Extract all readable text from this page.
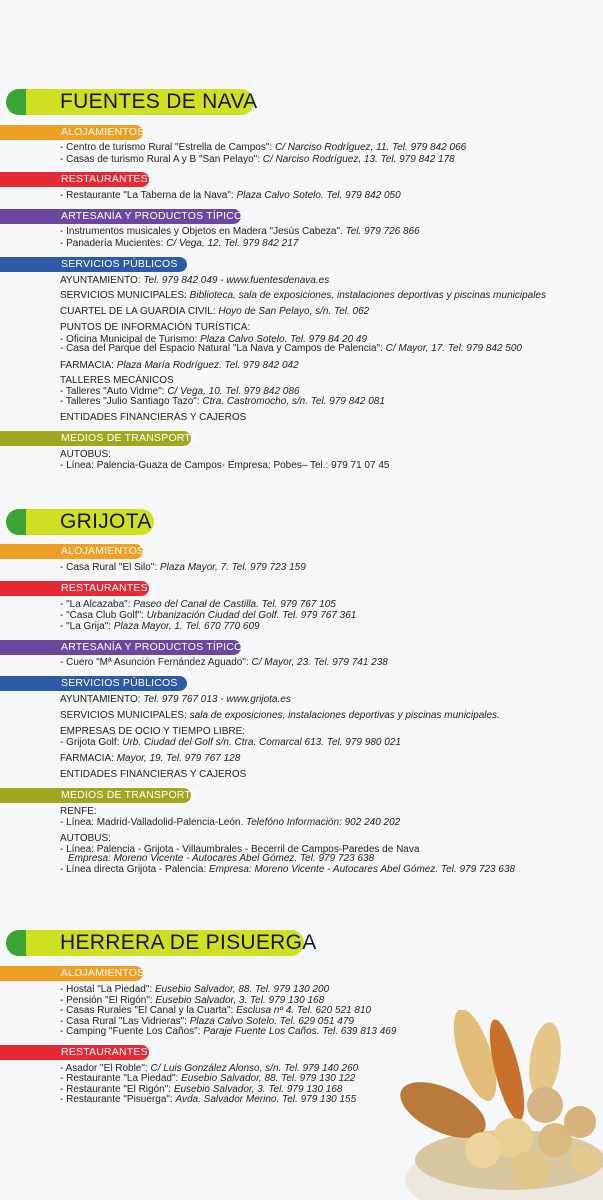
FUENTES DE NAVA
ALOJAMIENTOS
- Centro de turismo Rural "Estrella de Campos": C/ Narciso Rodríguez, 11. Tel. 979 842 066
- Casas de turismo Rural A y B "San Pelayo": C/ Narciso Rodríguez, 13. Tel. 979 842 178
RESTAURANTES
- Restaurante "La Taberna de la Nava": Plaza Calvo Sotelo. Tel. 979 842 050
ARTESANÍA Y PRODUCTOS TÍPICOS
- Instrumentos musicales y Objetos en Madera "Jesús Cabeza". Tel. 979 726 866
- Panadería Mucientes: C/ Vega, 12. Tel. 979 842 217
SERVICIOS PÚBLICOS
AYUNTAMIENTO: Tel. 979 842 049 - www.fuentesdenava.es
SERVICIOS MUNICIPALES: Biblioteca, sala de exposiciones, instalaciones deportivas y piscinas municipales
CUARTEL DE LA GUARDIA CIVIL: Hoyo de San Pelayo, s/n. Tel. 062
PUNTOS DE INFORMACIÓN TURÍSTICA:
- Oficina Municipal de Turismo: Plaza Calvo Sotelo. Tel. 979 84 20 49
- Casa del Parque del Espacio Natural "La Nava y Campos de Palencia": C/ Mayor, 17. Tel. 979 842 500
FARMACIA: Plaza María Rodríguez. Tel. 979 842 042
TALLERES MECÁNICOS
- Talleres "Auto Vidme": C/ Vega, 10. Tel. 979 842 086
- Talleres "Julio Santiago Tazo": Ctra. Castromocho, s/n. Tel. 979 842 081
ENTIDADES FINANCIERAS Y CAJEROS
MEDIOS DE TRANSPORTE
AUTOBUS:
- Línea: Palencia-Guaza de Campos- Empresa: Pobes– Tel.: 979 71 07 45
GRIJOTA
ALOJAMIENTOS
- Casa Rural "El Silo": Plaza Mayor, 7. Tel. 979 723 159
RESTAURANTES
- "La Alcazaba": Paseo del Canal de Castilla. Tel. 979 767 105
- "Casa Club Golf": Urbanización Ciudad del Golf. Tel. 979 767 361
- "La Grija": Plaza Mayor, 1. Tel. 670 770 609
ARTESANÍA Y PRODUCTOS TÍPICOS
- Cuero "Mª Asunción Fernández Aguado": C/ Mayor, 23. Tel. 979 741 238
SERVICIOS PÚBLICOS
AYUNTAMIENTO: Tel. 979 767 013 - www.grijota.es
SERVICIOS MUNICIPALES: sala de exposiciones, instalaciones deportivas y piscinas municipales.
EMPRESAS DE OCIO Y TIEMPO LIBRE:
- Grijota Golf: Urb. Ciudad del Golf s/n. Ctra. Comarcal 613. Tel. 979 980 021
FARMACIA: Mayor, 19. Tel. 979 767 128
ENTIDADES FINANCIERAS Y CAJEROS
MEDIOS DE TRANSPORTE
RENFE:
- Línea: Madrid-Valladolid-Palencia-León. Telefóno Información: 902 240 202
AUTOBUS:
- Línea: Palencia - Grijota - Villaumbrales - Becerril de Campos-Paredes de Nava
Empresa: Moreno Vicente - Autocares Abel Gómez. Tel. 979 723 638
- Línea directa Grijota - Palencia: Empresa: Moreno Vicente - Autocares Abel Gómez. Tel. 979 723 638
HERRERA DE PISUERGA
ALOJAMIENTOS
- Hostal "La Piedad": Eusebio Salvador, 88. Tel. 979 130 200
- Pensión "El Rigón": Eusebio Salvador, 3. Tel. 979 130 168
- Casas Rurales "El Canal y la Cuarta": Esclusa nº 4. Tel. 620 521 810
- Casa Rural "Las Vidrieras": Plaza Calvo Sotelo. Tel. 629 051 479
- Camping "Fuente Los Caños": Paraje Fuente Los Caños. Tel. 639 813 469
RESTAURANTES
- Asador "El Roble": C/ Luis González Alonso, s/n. Tel. 979 140 260
- Restaurante "La Piedad": Eusebio Salvador, 88. Tel. 979 130 122
- Restaurante "El Rigón": Eusebio Salvador, 3. Tel. 979 130 168
- Restaurante "Pisuerga": Avda. Salvador Merino. Tel. 979 130 155
